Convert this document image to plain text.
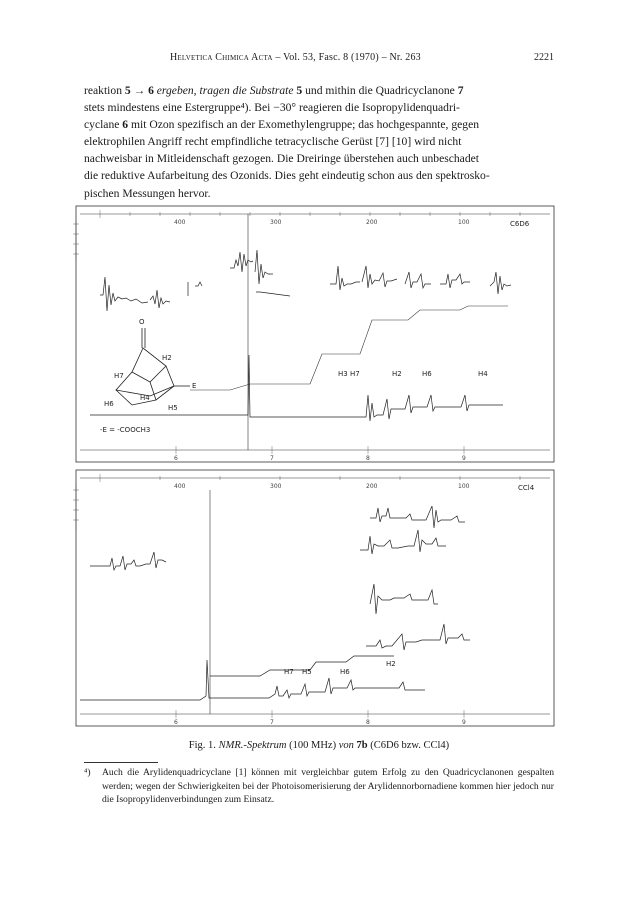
Helvetica Chimica Acta – Vol. 53, Fasc. 8 (1970) – Nr. 263	2221

reaktion 5 → 6 ergeben, tragen die Substrate 5 und mithin die Quadricyclanone 7

stets mindestens eine Estergruppe⁴). Bei −30° reagieren die Isopropylidenquadri-

cyclane 6 mit Ozon spezifisch an der Exomethylengruppe; das hochgespannte, gegen

elektrophilen Angriff recht empfindliche tetracyclische Gerüst [7] [10] wird nicht

nachweisbar in Mitleidenschaft gezogen. Die Dreiringe überstehen auch unbeschadet

die reduktive Aufarbeitung des Ozonids. Dies geht eindeutig schon aus den spektrosko-

pischen Messungen hervor.

400	300	200	100	C6D6
H3 H7	H2	H6	H4
O
H2
H7
E
H6
H4
H5
-E = -COOCH3
6	7	8	9
400	300	200	100	CCl4
H7 H5	H6
H2
6	7	8	9
Fig. 1. NMR.-Spektrum (100 MHz) von 7b (C6D6 bzw. CCl4)
⁴) Auch die Arylidenquadricyclane [1] können mit vergleichbar gutem Erfolg zu den Quadricyclanonen gespalten werden; wegen der Schwierigkeiten bei der Photoisomerisierung der Arylidennorbornadiene kommen hier jedoch nur die Isopropylidenverbindungen zum Einsatz.
